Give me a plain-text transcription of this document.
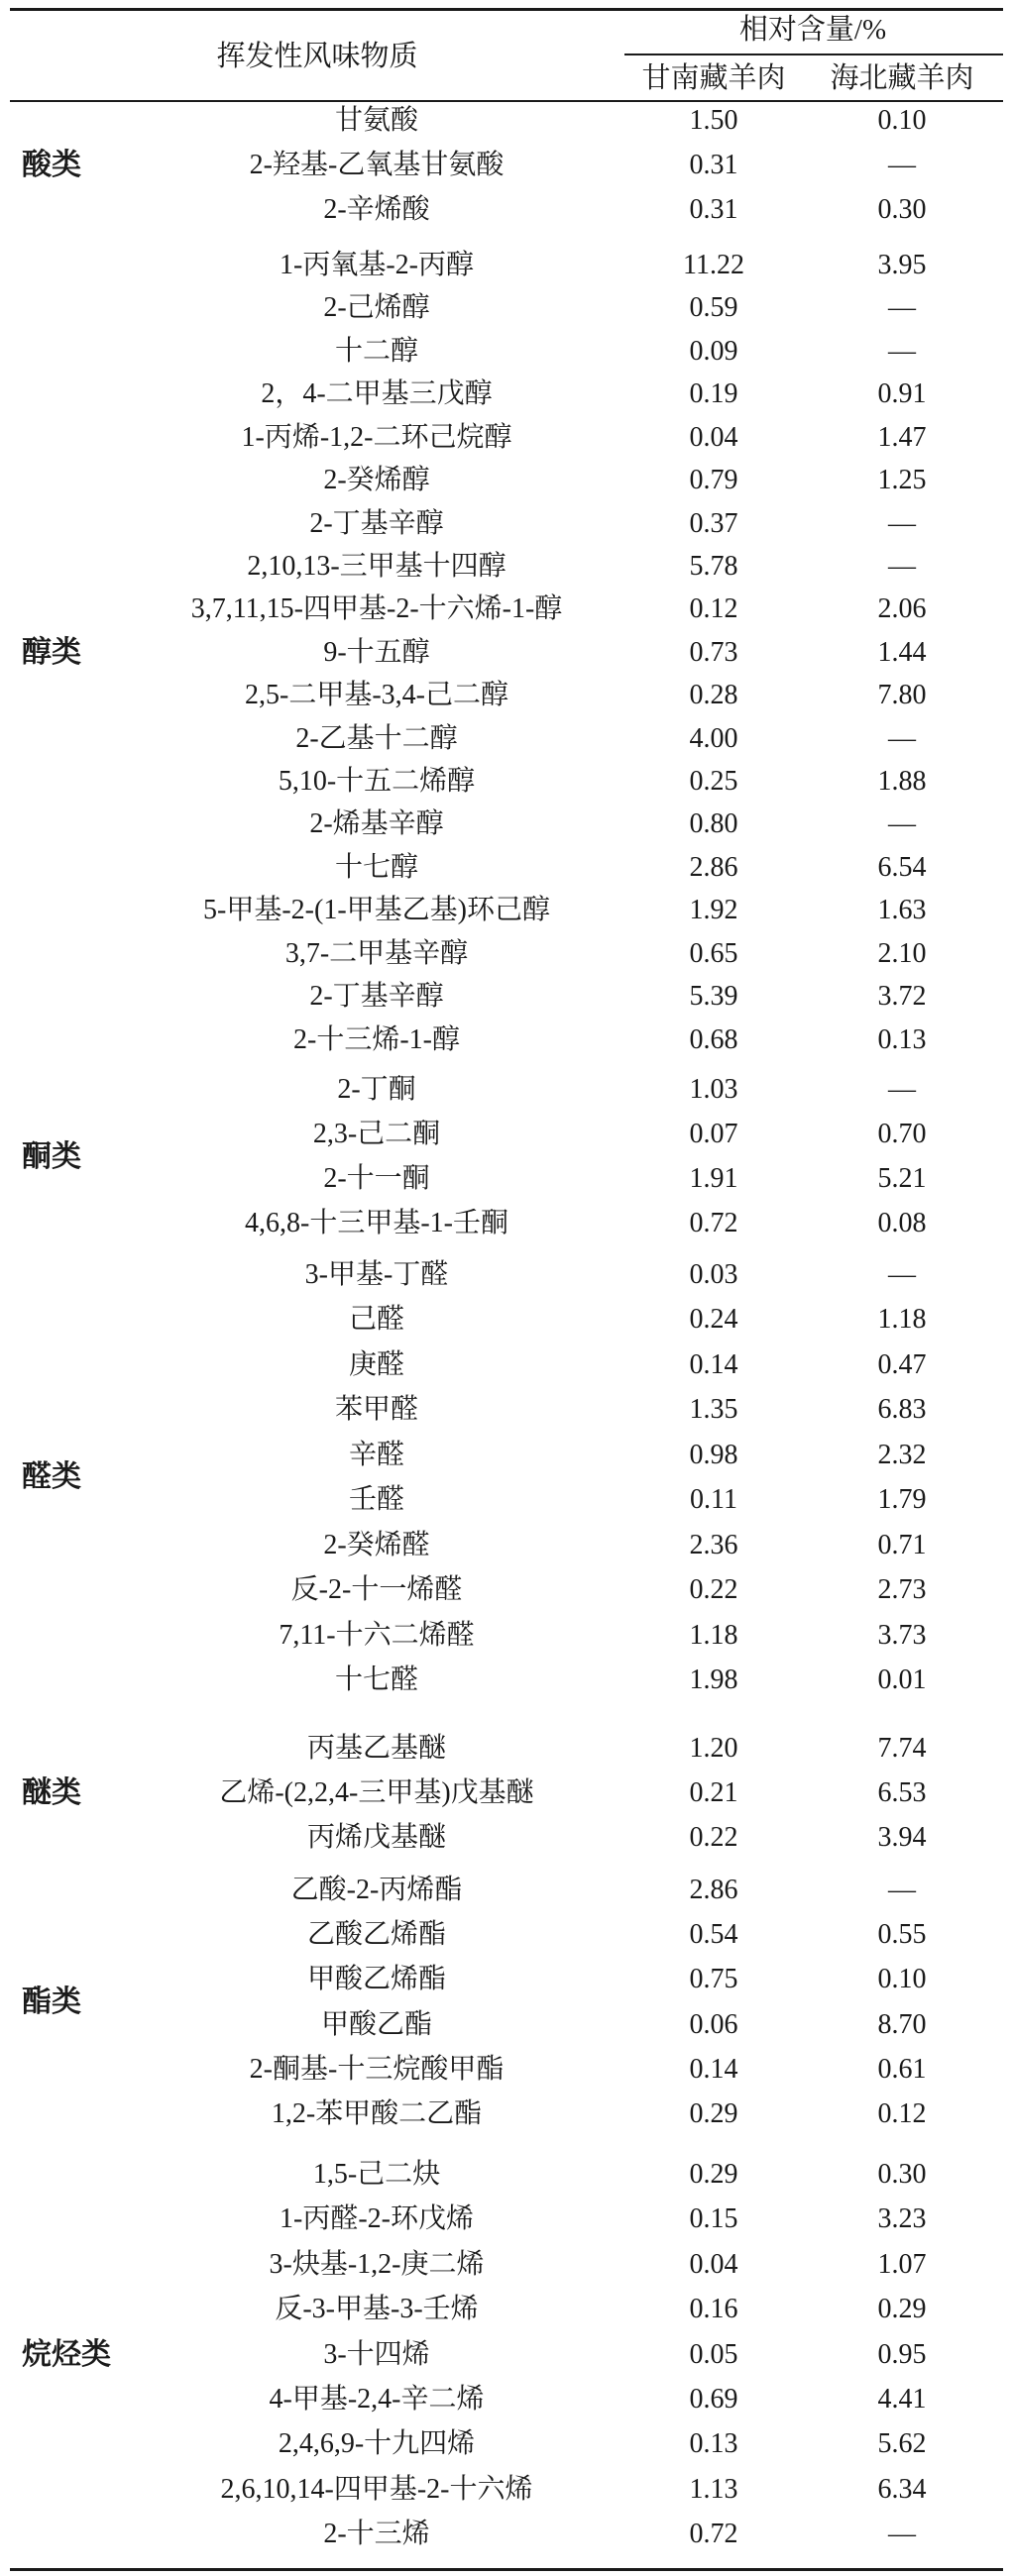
挥发性风味物质
相对含量/%
甘南藏羊肉	海北藏羊肉
甘氨酸	1.50	0.10
2-羟基-乙氧基甘氨酸	0.31	—
2-辛烯酸	0.31	0.30
酸类
1-丙氧基-2-丙醇	11.22	3.95
2-己烯醇	0.59	—
十二醇	0.09	—
2，4-二甲基三戊醇	0.19	0.91
1-丙烯-1,2-二环己烷醇	0.04	1.47
2-癸烯醇	0.79	1.25
2-丁基辛醇	0.37	—
2,10,13-三甲基十四醇	5.78	—
3,7,11,15-四甲基-2-十六烯-1-醇	0.12	2.06
9-十五醇	0.73	1.44
2,5-二甲基-3,4-己二醇	0.28	7.80
2-乙基十二醇	4.00	—
5,10-十五二烯醇	0.25	1.88
2-烯基辛醇	0.80	—
十七醇	2.86	6.54
5-甲基-2-(1-甲基乙基)环己醇	1.92	1.63
3,7-二甲基辛醇	0.65	2.10
2-丁基辛醇	5.39	3.72
2-十三烯-1-醇	0.68	0.13
醇类
2-丁酮	1.03	—
2,3-己二酮	0.07	0.70
2-十一酮	1.91	5.21
4,6,8-十三甲基-1-壬酮	0.72	0.08
酮类
3-甲基-丁醛	0.03	—
己醛	0.24	1.18
庚醛	0.14	0.47
苯甲醛	1.35	6.83
辛醛	0.98	2.32
壬醛	0.11	1.79
2-癸烯醛	2.36	0.71
反-2-十一烯醛	0.22	2.73
7,11-十六二烯醛	1.18	3.73
十七醛	1.98	0.01
醛类
丙基乙基醚	1.20	7.74
乙烯-(2,2,4-三甲基)戊基醚	0.21	6.53
丙烯戊基醚	0.22	3.94
醚类
乙酸-2-丙烯酯	2.86	—
乙酸乙烯酯	0.54	0.55
甲酸乙烯酯	0.75	0.10
甲酸乙酯	0.06	8.70
2-酮基-十三烷酸甲酯	0.14	0.61
1,2-苯甲酸二乙酯	0.29	0.12
酯类
1,5-己二炔	0.29	0.30
1-丙醛-2-环戊烯	0.15	3.23
3-炔基-1,2-庚二烯	0.04	1.07
反-3-甲基-3-壬烯	0.16	0.29
3-十四烯	0.05	0.95
4-甲基-2,4-辛二烯	0.69	4.41
2,4,6,9-十九四烯	0.13	5.62
2,6,10,14-四甲基-2-十六烯	1.13	6.34
2-十三烯	0.72	—
烷烃类
